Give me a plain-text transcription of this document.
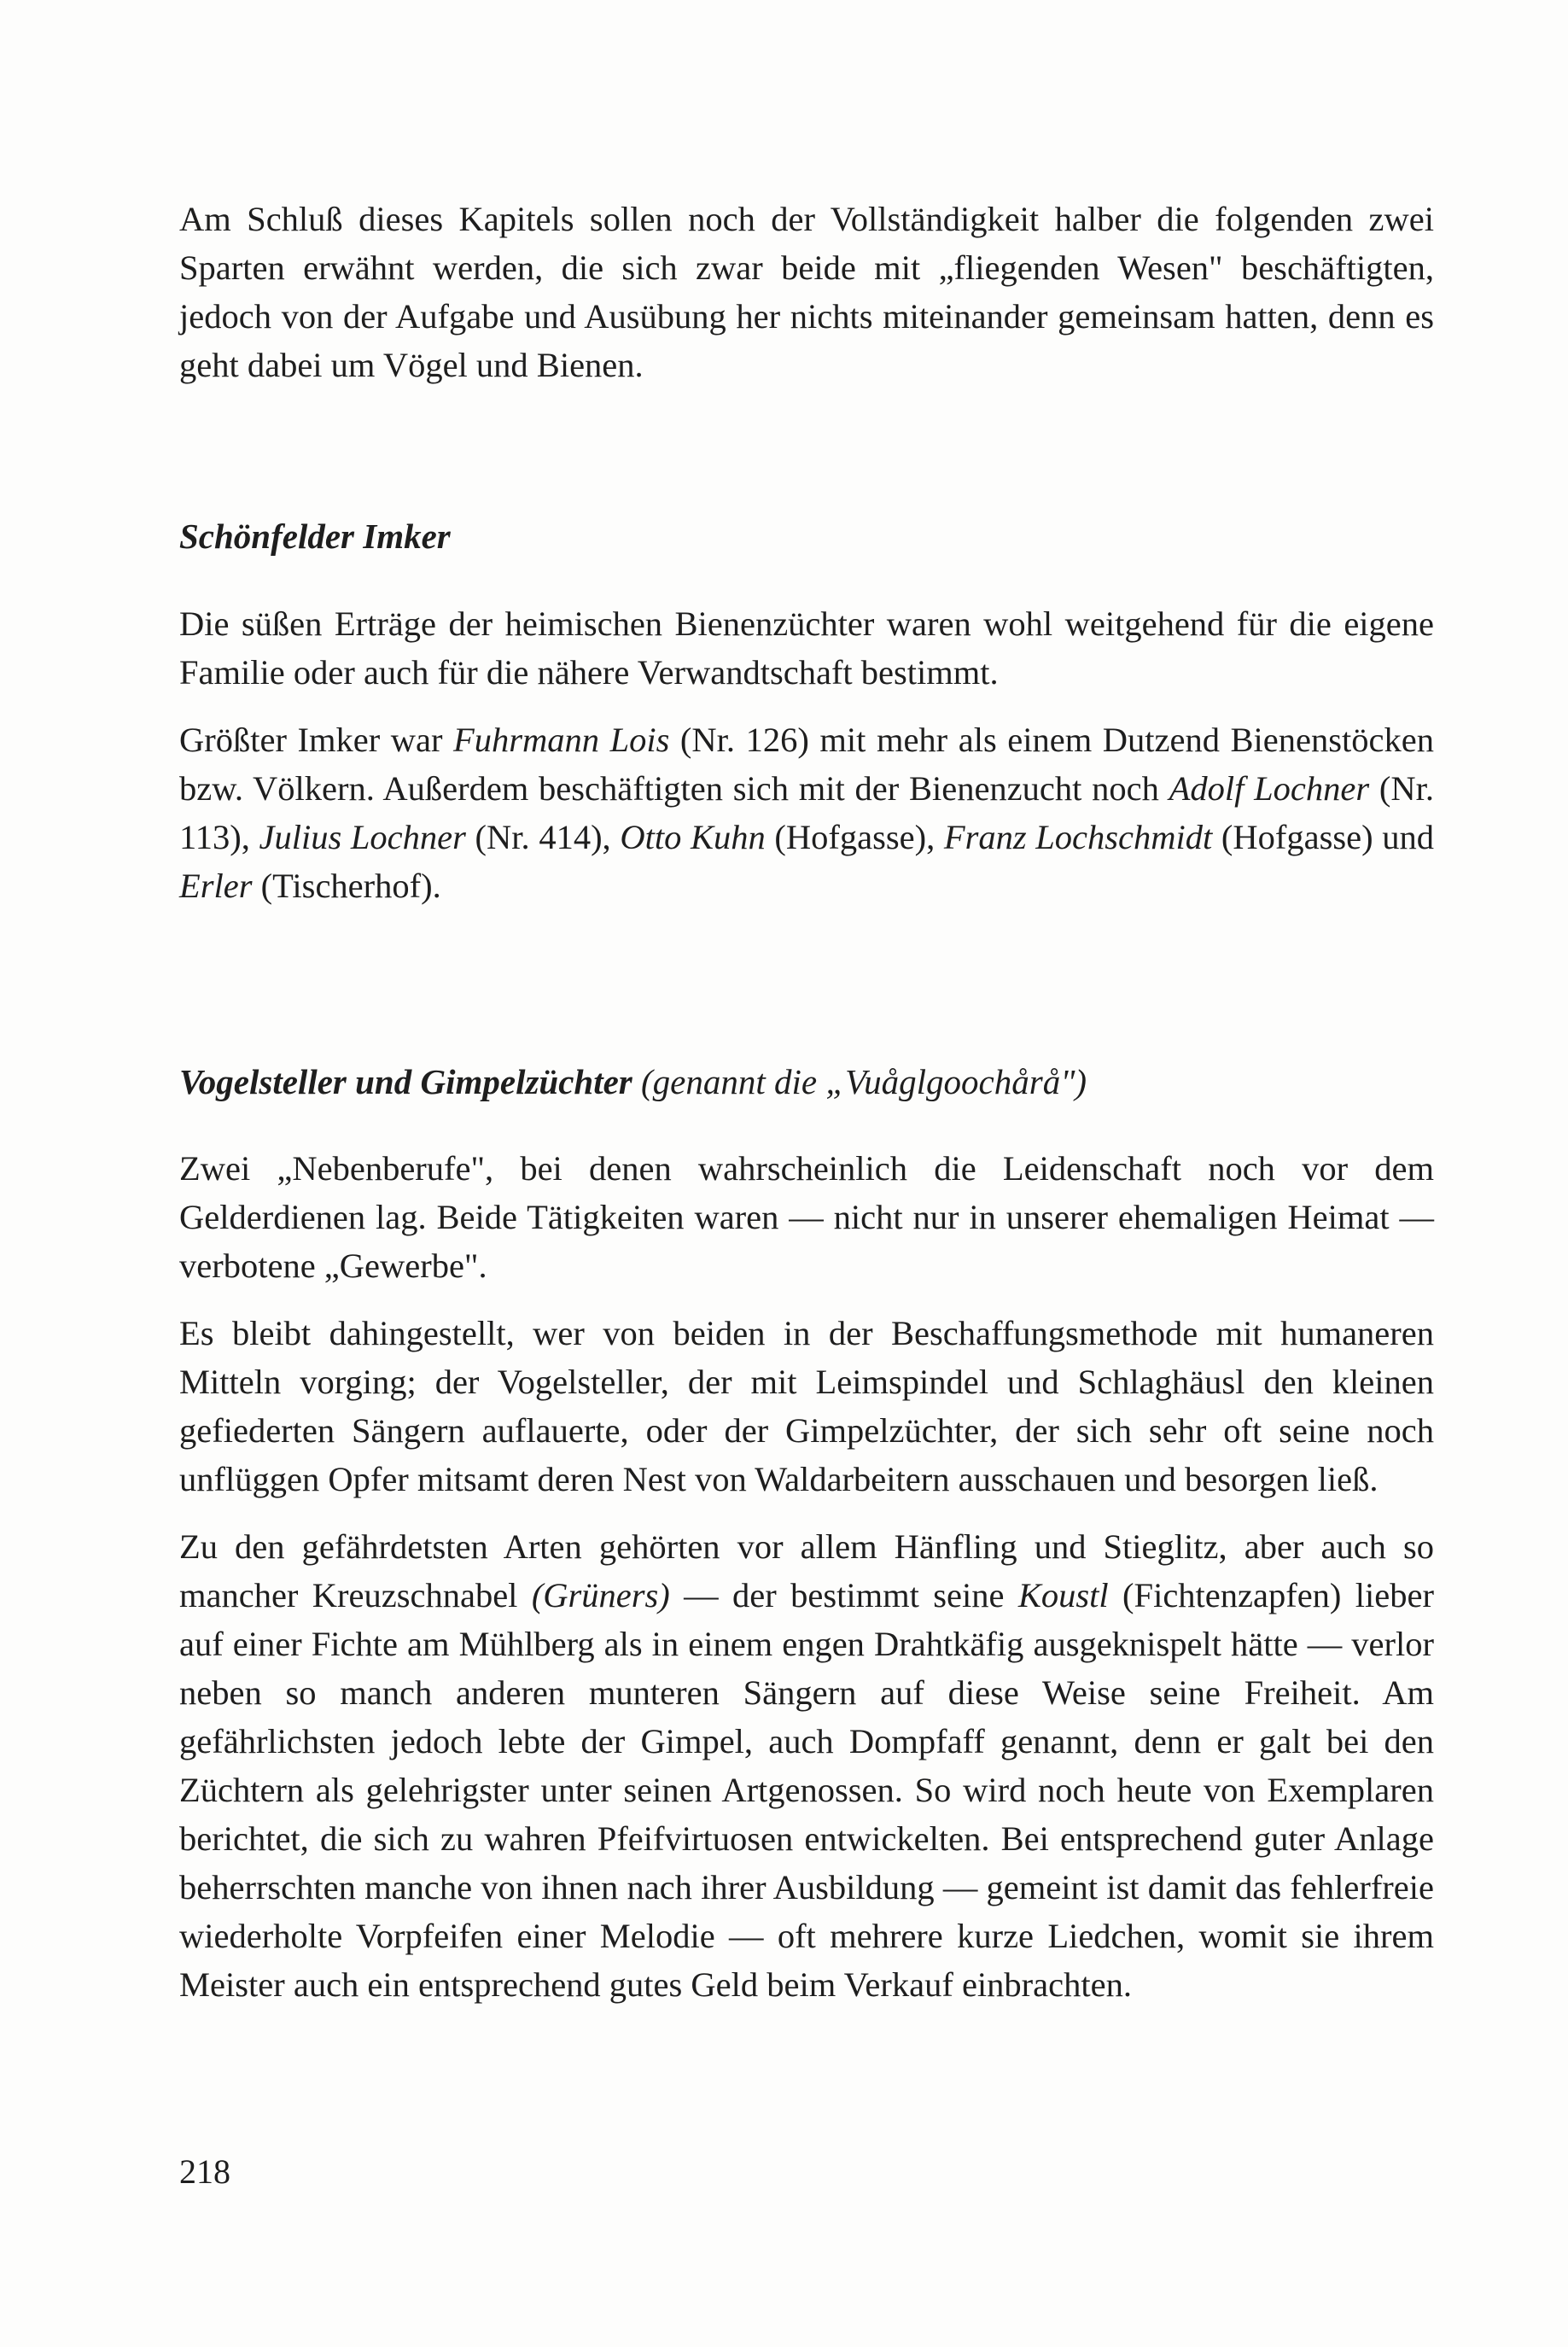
Am Schluß dieses Kapitels sollen noch der Vollständigkeit halber die folgenden zwei Sparten erwähnt werden, die sich zwar beide mit „fliegenden Wesen" beschäftigten, jedoch von der Aufgabe und Ausübung her nichts miteinander gemeinsam hatten, denn es geht dabei um Vögel und Bienen.

Schönfelder Imker

Die süßen Erträge der heimischen Bienenzüchter waren wohl weitgehend für die eigene Familie oder auch für die nähere Verwandtschaft bestimmt.

Größter Imker war Fuhrmann Lois (Nr. 126) mit mehr als einem Dutzend Bienenstöcken bzw. Völkern. Außerdem beschäftigten sich mit der Bienenzucht noch Adolf Lochner (Nr. 113), Julius Lochner (Nr. 414), Otto Kuhn (Hofgasse), Franz Lochschmidt (Hofgasse) und Erler (Tischerhof).

Vogelsteller und Gimpelzüchter (genannt die „Vuåglgoochårå")

Zwei „Nebenberufe", bei denen wahrscheinlich die Leidenschaft noch vor dem Gelderdienen lag. Beide Tätigkeiten waren — nicht nur in unserer ehemaligen Heimat — verbotene „Gewerbe".

Es bleibt dahingestellt, wer von beiden in der Beschaffungsmethode mit humaneren Mitteln vorging; der Vogelsteller, der mit Leimspindel und Schlaghäusl den kleinen gefiederten Sängern auflauerte, oder der Gimpelzüchter, der sich sehr oft seine noch unflüggen Opfer mitsamt deren Nest von Waldarbeitern ausschauen und besorgen ließ.

Zu den gefährdetsten Arten gehörten vor allem Hänfling und Stieglitz, aber auch so mancher Kreuzschnabel (Grüners) — der bestimmt seine Koustl (Fichtenzapfen) lieber auf einer Fichte am Mühlberg als in einem engen Drahtkäfig ausgeknispelt hätte — verlor neben so manch anderen munteren Sängern auf diese Weise seine Freiheit. Am gefährlichsten jedoch lebte der Gimpel, auch Dompfaff genannt, denn er galt bei den Züchtern als gelehrigster unter seinen Artgenossen. So wird noch heute von Exemplaren berichtet, die sich zu wahren Pfeifvirtuosen entwickelten. Bei entsprechend guter Anlage beherrschten manche von ihnen nach ihrer Ausbildung — gemeint ist damit das fehlerfreie wiederholte Vorpfeifen einer Melodie — oft mehrere kurze Liedchen, womit sie ihrem Meister auch ein entsprechend gutes Geld beim Verkauf einbrachten.

218
